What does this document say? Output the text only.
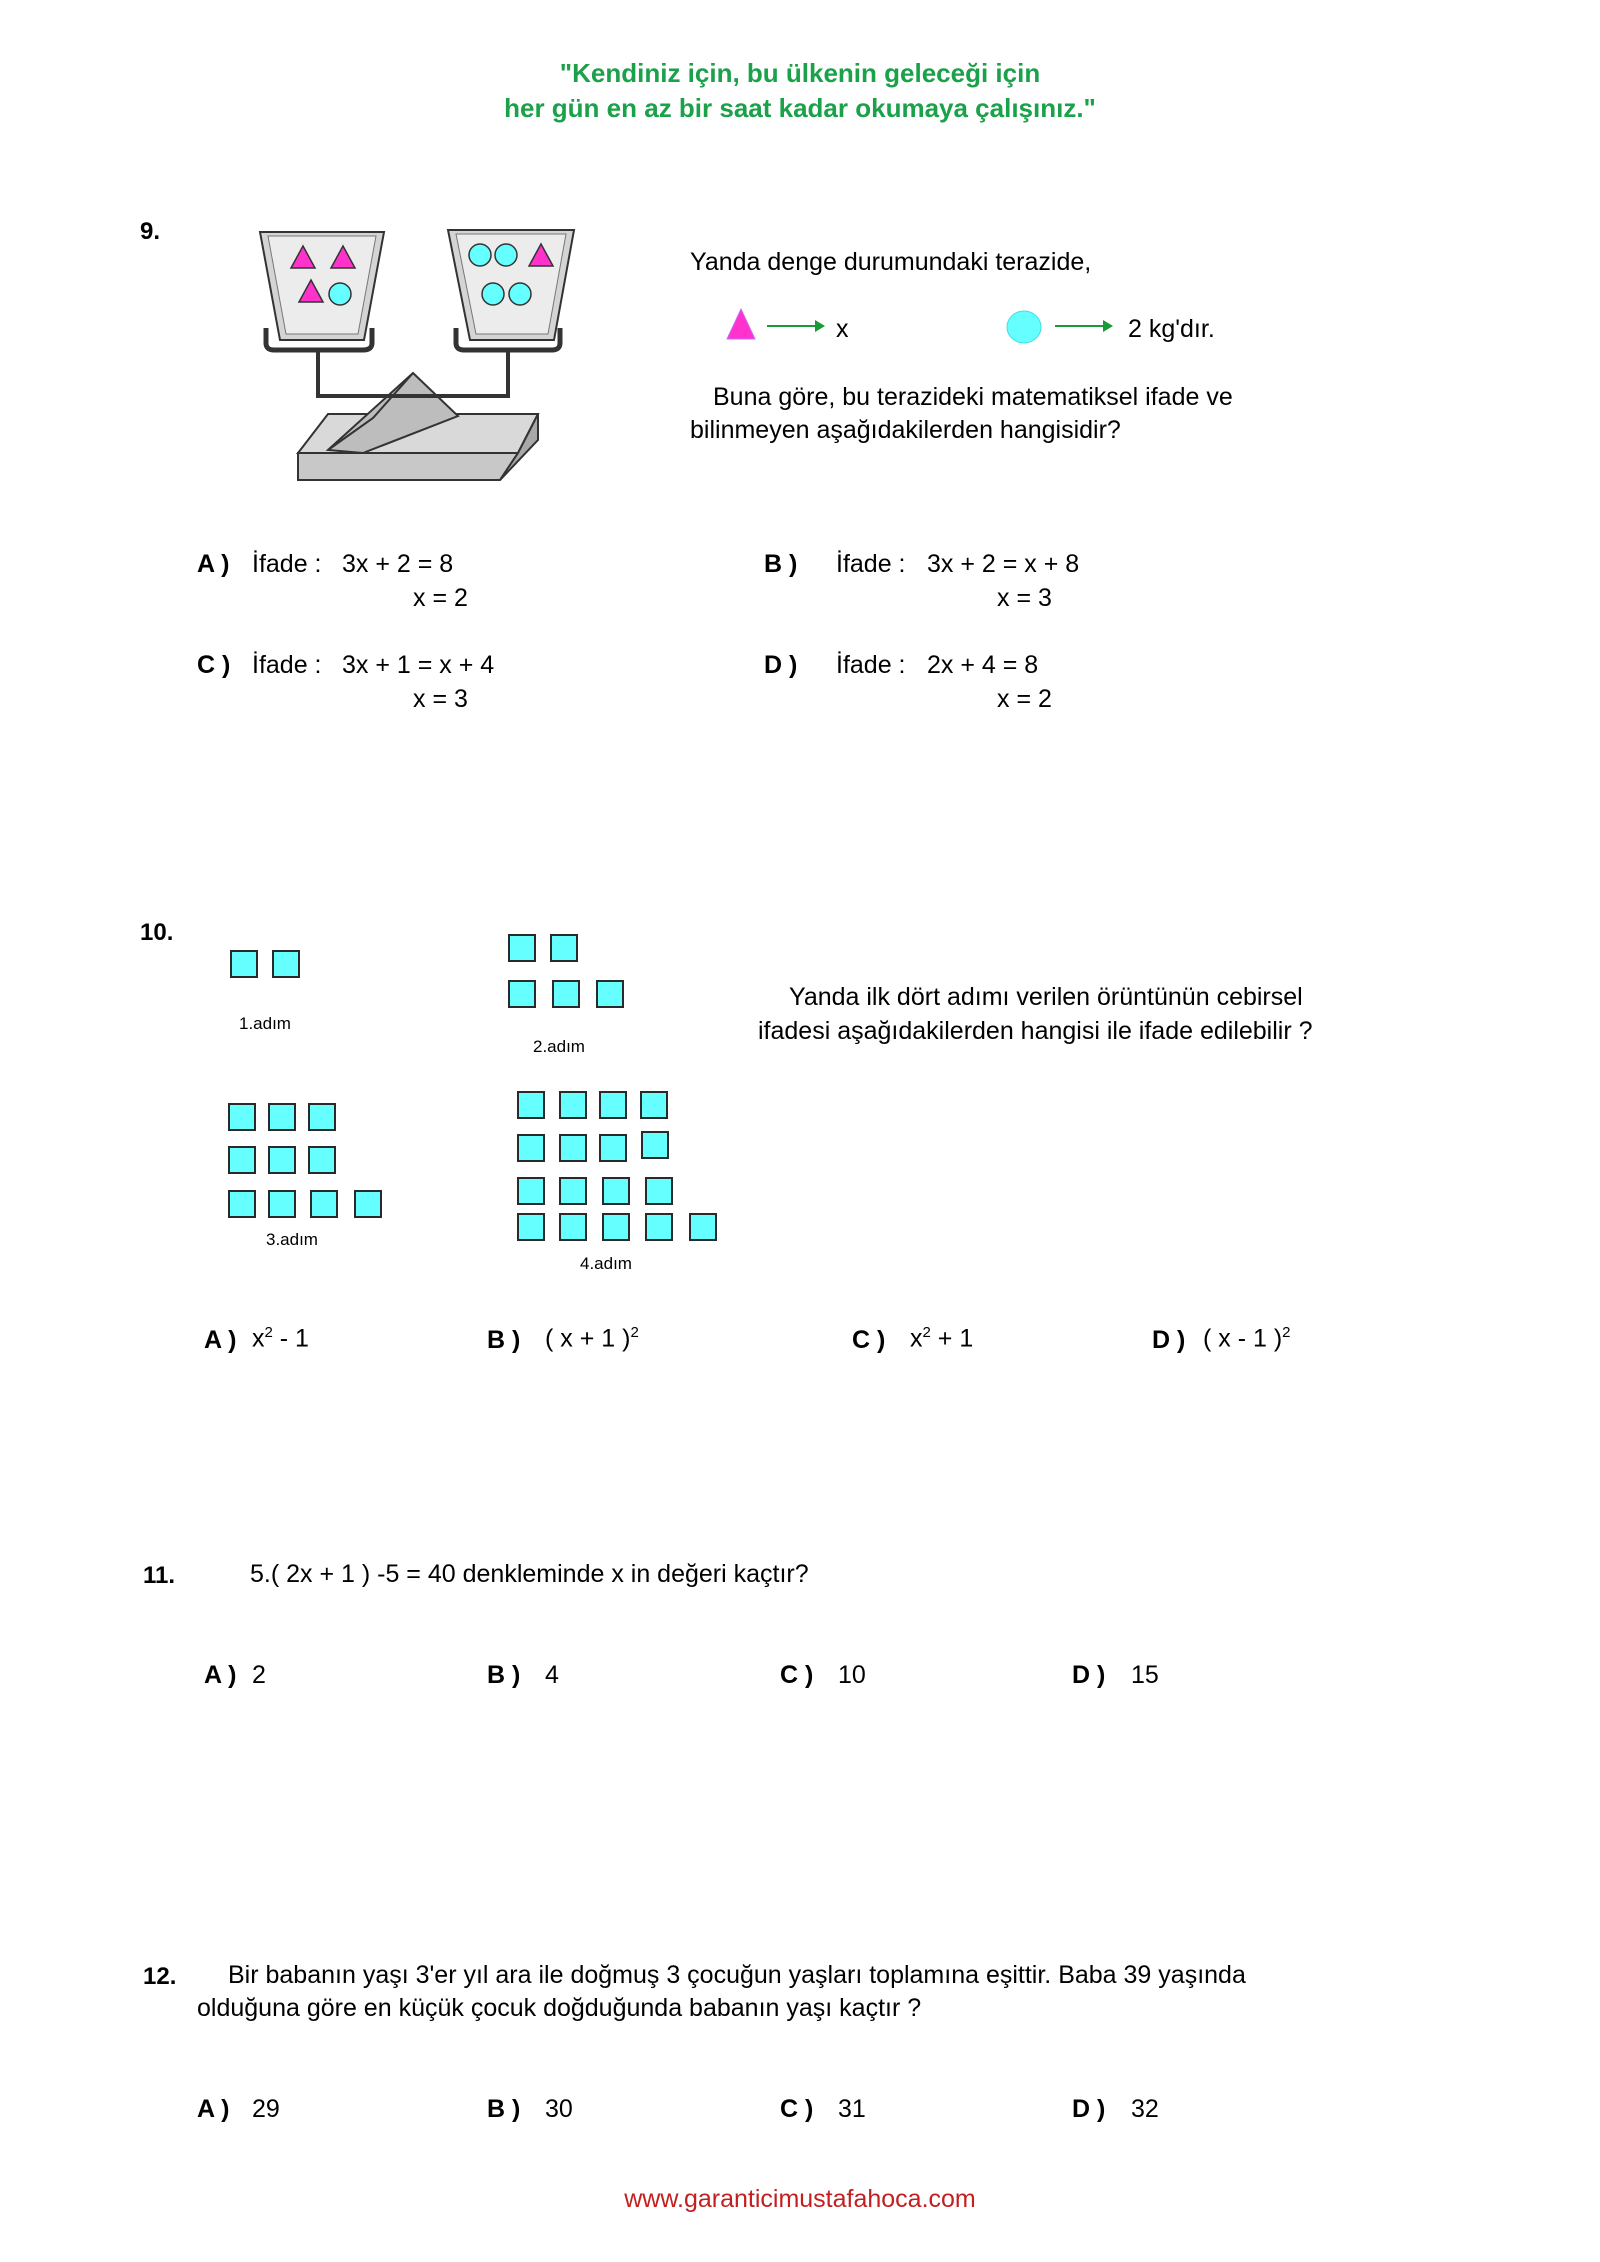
"Kendiniz için, bu ülkenin geleceği için
her gün en az bir saat kadar okumaya çalışınız."
9.
Yanda denge durumundaki terazide,
x	2 kg'dır.
Buna göre, bu terazideki matematiksel ifade ve
bilinmeyen aşağıdakilerden hangisidir?
A ) İfade : 3x + 2 = 8
x = 2
B ) İfade : 3x + 2 = x + 8
x = 3
C ) İfade : 3x + 1 = x + 4
x = 3
D ) İfade : 2x + 4 = 8
x = 2
10.
1.adım
2.adım
3.adım
4.adım
Yanda ilk dört adımı verilen örüntünün cebirsel
ifadesi aşağıdakilerden hangisi ile ifade edilebilir ?
A ) $x^2 - 1$	B ) ( x + 1 )$^2$	C ) $x^2 + 1$	D ) ( x - 1 )$^2$
11.	5.( 2x + 1 ) -5 = 40 denkleminde x in değeri kaçtır?
A ) 2	B ) 4	C ) 10	D ) 15
12. Bir babanın yaşı 3'er yıl ara ile doğmuş 3 çocuğun yaşları toplamına eşittir. Baba 39 yaşında
olduğuna göre en küçük çocuk doğduğunda babanın yaşı kaçtır ?
A ) 29	B ) 30	C ) 31	D ) 32
www.garanticimustafahoca.com
